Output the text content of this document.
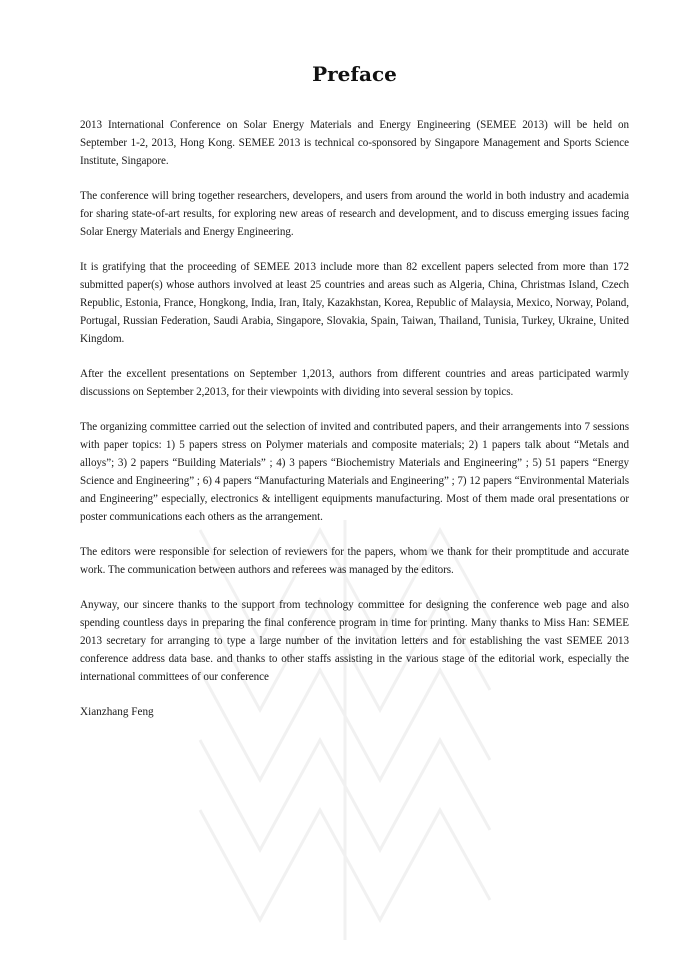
Preface

2013 International Conference on Solar Energy Materials and Energy Engineering (SEMEE 2013) will be held on September 1-2, 2013, Hong Kong. SEMEE 2013 is technical co-sponsored by Singapore Management and Sports Science Institute, Singapore.

The conference will bring together researchers, developers, and users from around the world in both industry and academia for sharing state-of-art results, for exploring new areas of research and development, and to discuss emerging issues facing Solar Energy Materials and Energy Engineering.

It is gratifying that the proceeding of SEMEE 2013 include more than 82 excellent papers selected from more than 172 submitted paper(s) whose authors involved at least 25 countries and areas such as Algeria, China, Christmas Island, Czech Republic, Estonia, France, Hongkong, India, Iran, Italy, Kazakhstan, Korea, Republic of Malaysia, Mexico, Norway, Poland, Portugal, Russian Federation, Saudi Arabia, Singapore, Slovakia, Spain, Taiwan, Thailand, Tunisia, Turkey, Ukraine, United Kingdom.

After the excellent presentations on September 1,2013, authors from different countries and areas participated warmly discussions on September 2,2013, for their viewpoints with dividing into several session by topics.

The organizing committee carried out the selection of invited and contributed papers, and their arrangements into 7 sessions with paper topics: 1) 5 papers stress on Polymer materials and composite materials; 2) 1 papers talk about “Metals and alloys”; 3) 2 papers “Building Materials” ; 4) 3 papers “Biochemistry Materials and Engineering” ; 5) 51 papers “Energy Science and Engineering” ; 6) 4 papers “Manufacturing Materials and Engineering” ; 7) 12 papers “Environmental Materials and Engineering” especially, electronics & intelligent equipments manufacturing. Most of them made oral presentations or poster communications each others as the arrangement.

The editors were responsible for selection of reviewers for the papers, whom we thank for their promptitude and accurate work. The communication between authors and referees was managed by the editors.

Anyway, our sincere thanks to the support from technology committee for designing the conference web page and also spending countless days in preparing the final conference program in time for printing. Many thanks to Miss Han: SEMEE 2013 secretary for arranging to type a large number of the invitation letters and for establishing the vast SEMEE 2013 conference address data base. and thanks to other staffs assisting in the various stage of the editorial work, especially the international committees of our conference

Xianzhang Feng
